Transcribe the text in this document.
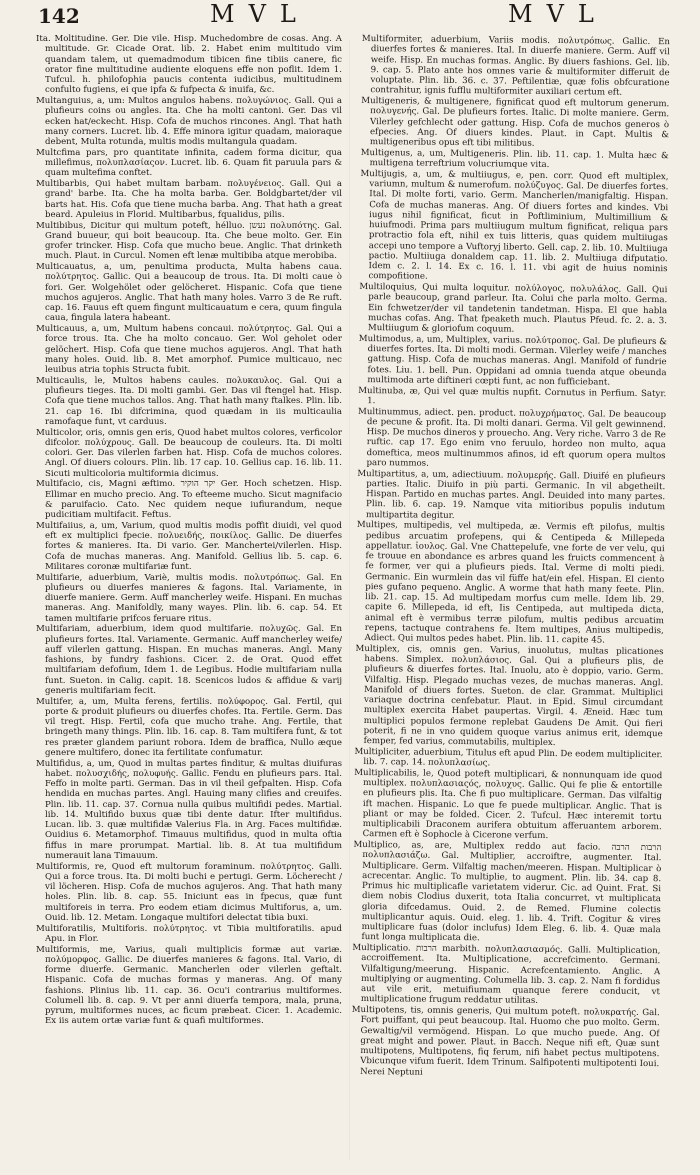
142	MVL	MVL

Ita. Moltitudine. Ger. Die vile. Hisp. Muchedombre de cosas. Ang. A multitude. Gr. Cicade Orat. lib. 2. Habet enim multitudo vim quandam talem, ut quemadmodum tibicen fine tibiis canere, fic orator fine multitudine audiente eloquens effe non poflit. Idem 1. Tufcul. h. philofophia paucis contenta iudicibus, multitudinem confulto fugiens, ei que ipfa & fufpecta & inuifa, &c.

Multanguius, a, um: Multos angulos habens. πολυγώνιος. Gall. Qui a plufieurs coins ou angles. Ita. Che ha molti cantoni. Ger. Das vil ecken hat/eckecht. Hisp. Cofa de muchos rincones. Angl. That hath many corners. Lucret. lib. 4. Effe minora igitur quadam, maioraque debent, Multa rotunda, multis modis multangula quadam.

Multcfima pars, pro quantitate infinita, cadem forma dicitur, qua millefimus, πολυπλασίαςον. Lucret. lib. 6. Quam fit paruula pars & quam multefima conftet.

Multibarbis, Qui habet multam barbam. πολυγένειος. Gall. Qui a grand' barbe. Ita. Che ha molta barba. Ger. Boldgbartet/der vil barts hat. His. Cofa que tiene mucha barba. Ang. That hath a great beard. Apuleius in Florid. Multibarbus, fqualidus, pilis.

Multibibus, Dicitur qui multum poteft, hélluo. נעשן πολυπότης. Gal. Grand buueur, qui boit beaucoup. Ita. Che beue molto. Ger. Ein grofer trincker. Hisp. Cofa que mucho beue. Anglic. That drinketh much. Plaut. in Curcul. Nomen eft lenæ multibiba atque merobiba.

Multicauatus, a, um, penultima producta, Multa habens caua. πολύτρητος. Gallic. Qui a beaucoup de trous. Ita. Di molti caue ò fori. Ger. Wolgehölet oder gelöcheret. Hispanic. Cofa que tiene muchos agujeros. Anglic. That hath many holes. Varro 3 de Re ruft. cap. 16. Fauus eft quem fingunt multicauatum e cera, quum fingula caua, fingula latera habeant.

Multicauus, a, um, Multum habens concaui. πολύτρητος. Gal. Qui a force trous. Ita. Che ha molto concauo. Ger. Wol geholet oder gelöchert. Hisp. Cofa que tiene muchos agujeros. Angl. That hath many holes. Ouid. lib. 8. Met amorphof. Pumice multicauo, nec leuibus atria tophis Structa fubit.

Multicaulis, le, Multos habens caules. πολυκαυλος. Gal. Qui a plufieurs tieges. Ita. Di molti gambi. Ger. Das vil ftengel hat. Hisp. Cofa que tiene muchos tallos. Ang. That hath many ftalkes. Plin. lib. 21. cap 16. Ibi difcrimina, quod quædam in iis multicaulia ramofaque funt, vt carduus.

Multicolor, oris, omnis gen eris, Quod habet multos colores, verficolor difcolor. πολύχρους. Gall. De beaucoup de couleurs. Ita. Di molti colori. Ger. Das vilerlen farben hat. Hisp. Cofa de muchos colores. Angl. Of diuers colours. Plin. lib. 17 cap. 10. Gellius cap. 16. lib. 11. Sicuti multicoloria multiformia dicimus.

Multifacio, cis, Magni æftimo. יקר הוקיר Ger. Hoch schetzen. Hisp. Ellimar en mucho precio. Ang. To efteeme mucho. Sicut magnifacio & paruifacio. Cato. Nec quidem neque iufiurandum, neque pudicitiam multifacit. Feftus.

Multifaiius, a, um, Varium, quod multis modis poffit diuidi, vel quod eft ex multiplici fpecie. πολυειδής, ποικίλος. Gallic. De diuerfes fortes & manieres. Ita. Di vario. Ger. Manchertei/vilerlen. Hisp. Cofa de muchas maneras. Ang. Manifold. Gellius lib. 5. cap. 6. Militares coronæ multifariæ funt.

Multifarie, aduerbium, Variè, multis modis. πολυτρόπως. Gal. En plufieurs ou diuerfes manieres & fagons. Ital. Variamente, in diuerfe maniere. Germ. Auff mancherley weife. Hispani. En muchas maneras. Ang. Manifoldly, many wayes. Plin. lib. 6. cap. 54. Et tamen multifarie prifcos feruare ritus.

Multifariam, aduerbium, idem quod multifarie. πολυχῶς. Gal. En plufieurs fortes. Ital. Variamente. Germanic. Auff mancherley weife/ auff vilerlen gattung. Hispan. En muchas maneras. Angl. Many fashions, by fundry fashions. Cicer. 2. de Orat. Quod effet multifariam defofium, Idem 1. de Legibus. Hodie multifariam nulla funt. Sueton. in Calig. capit. 18. Scenicos ludos & affidue & varij generis multifariam fecit.

Multifer, a, um, Multa ferens, fertilis. πολύφορος. Gal. Fertil, qui porte & produit plufieurs ou diuerfes chofes. Ita. Fertile. Germ. Das vil tregt. Hisp. Fertil, cofa que mucho trahe. Ang. Fertile, that bringeth many things. Plin. lib. 16. cap. 8. Tam multifera funt, & tot res præter glandem pariunt robora. Idem de braffica, Nullo æque genere multifero, donec ita fertilitate confumatur.

Multifidus, a, um, Quod in multas partes finditur, & multas diuifuras habet. πολυσχιδής, πολυφυής. Gallic. Fendu en plufieurs pars. Ital. Feffo in molte parti. German. Das in vil theil gefpalten. Hisp. Cofa hendida en muchas partes. Angl. Hauing many clifies and creuifes. Plin. lib. 11. cap. 37. Cornua nulla quibus multifidi pedes. Martial. lib. 14. Multifido buxus quæ tibi dente datur. Ifter multifidus. Lucan. lib. 3. quæ multifidæ Valerius Fla. in Arg. Faces multifidæ. Ouidius 6. Metamorphof. Timauus multifidus, quod in multa oftia fiffus in mare prorumpat. Martial. lib. 8. At tua multifidum numerauit lana Timauum.

Multiformis, re, Quod eft multorum foraminum. πολύτρητος. Galli. Qui a force trous. Ita. Di molti buchi e pertugi. Germ. Löcherecht / vil löcheren. Hisp. Cofa de muchos agujeros. Ang. That hath many holes. Plin. lib. 8. cap. 55. Iniciunt eas in fpecus, quæ funt multiforeis in terra. Pro eodem etiam dicimus Multiforus, a, um. Ouid. lib. 12. Metam. Longaque multifori delectat tibia buxi.

Multiforatilis, Multiforis. πολύτρητος. vt Tibia multiforatilis. apud Apu. in Flor.

Multiformis, me, Varius, quali multiplicis formæ aut variæ. πολύμορφος. Gallic. De diuerfes manieres & fagons. Ital. Vario, di forme diuerfe. Germanic. Mancherlen oder vilerlen geftalt. Hispanic. Cofa de muchas formas y maneras. Ang. Of many fashions. Plinius lib. 11. cap. 36. Ocu'i contrarius multiformes. Columell lib. 8. cap. 9. Vt per anni diuerfa tempora, mala, pruna, pyrum, multiformes nuces, ac ficum præbeat. Cicer. 1. Academic. Ex iis autem ortæ variæ funt & quafi multiformes.

Multiformiter, aduerbium, Variis modis. πολυτρόπως. Gallic. En diuerfes fortes & manieres. Ital. In diuerfe maniere. Germ. Auff vil weife. Hisp. En muchas formas. Anglic. By diuers fashions. Gel. lib. 9. cap. 5. Plato ante hos omnes varie & multiformiter differuit de voluptate. Plin. lib. 36. c. 37. Peftilentiæ, quæ folis obfcuratione contrahitur, ignis fufflu multiformiter auxiliari certum eft.

Multigeneris, & multigenere, fignificat quod eft multorum generum. πολυγενής. Gal. De plufieurs fortes. Italic. Di molte maniere. Germ. Vilerley gefchlecht oder gattung. Hisp. Cofa de muchos generos ò efpecies. Ang. Of diuers kindes. Plaut. in Capt. Multis & multigeneribus opus eft tibi militibus.

Multigenus, a, um, Multigeneris. Plin. lib. 11. cap. 1. Multa hæc & multigena terreftrium volucriumque vita.

Multijugis, a, um, & multiiugus, e, pen. corr. Quod eft multiplex, variumn, multum & numerofum. πολύζυγος. Gal. De diuerfes fortes. Ital. Di molte forti, vario. Germ. Mancherlen/manigfaltig. Hispan. Cofa de muchas maneras. Ang. Of diuers fortes and kindes. Vbi iugus nihil fignificat, ficut in Poftliminium, Multimillium & huiufmodi. Prima pars multiiugum multum fignificat, reliqua pars protractio fola eft, nihil ex tuis litteris, quas quidem multiiugas accepi uno tempore a Vuftoryj liberto. Gell. cap. 2. lib. 10. Multiiuga pactio. Multiiuga donaldem cap. 11. lib. 2. Multiiuga difputatio. Idem c. 2. l. 14. Ex c. 16. l. 11. vbi agit de huius nominis compofitione.

Multiloquius, Qui multa loquitur. πολύλογος, πολυλάλος. Gall. Qui parle beaucoup, grand parleur. Ita. Colui che parla molto. Germa. Ein fchwetzer/der vil tandetenin tandetman. Hispa. El que habla muchas cofas. Ang. That fpeaketh much. Plautus Pfeud. fc. 2. a. 3. Multiiugum & gloriofum coquum.

Multimodus, a, um, Multiplex, varius. πολύτροπος. Gal. De plufieurs & diuerfes fortes. Ita. Di molti modi. German. Vilerley weife / manches gattung. Hisp. Cofa de muchas maneras. Angl. Manifold of fundrie fotes. Liu. 1. bell. Pun. Oppidani ad omnia tuenda atque obeunda multimoda arte diftineri cœpti funt, ac non fufficiebant.

Multinuba, æ, Qui vel quæ multis nupfit. Cornutus in Perfium. Satyr. 1.

Multinummus, adiect. pen. product. πολυχρήματος. Gal. De beaucoup de pecune & profit. Ita. Di molti danari. Germa. Vil gelt gewinnend. Hisp. De muchos dineros y prouecho. Ang. Very riche. Varro 3 de Re ruftic. cap 17. Ego enim vno feruulo, hordeo non multo, aqua domeftica, meos multinummos afinos, id eft quorum opera multos paro nummos.

Multipartitus, a, um, adiectiuum. πολυμερής. Gall. Diuifé en plufieurs parties. Italic. Diuifo in più parti. Germanic. In vil abgetheilt. Hispan. Partido en muchas partes. Angl. Deuided into many partes. Plin. lib. 6. cap. 19. Namque vita mitioribus populis indutum multipartita degitur.

Multipes, multipedis, vel multipeda, æ. Vermis eft pilofus, multis pedibus arcuatim profepens, qui & Centipeda & Millepeda appellatur. ἰουλος. Gal. Vne Chattepelufe, vne forte de ver velu, qui fe trouue en abondance es arbres quand les fruicts commencent à fe former, ver qui a plufieurs pieds. Ital. Verme di molti piedi. Germanic. Ein wurmlein das vil füffe hat/ein efel. Hispan. El ciento pies gufano pequeno. Anglic. A worme that hath many feete. Plin. lib. 21. cap. 15. Ad multipedam morfus cum melle. Idem lib. 29. capite 6. Millepeda, id eft, Iis Centipeda, aut multipeda dicta, animal eft è vermibus terræ pilofum, multis pedibus arcuatim repens, tactuque contrahens fe. Item multipes, Anius multipedis, Adiect. Qui multos pedes habet. Plin. lib. 11. capite 45.

Multiplex, cis, omnis gen. Varius, inuolutus, multas plicationes habens. Simplex. πολυπλάσιος. Gal. Qui a plufieurs plis, de plufieurs & diuerfes fortes. Ital. Inuolu, ato è doppio, vario. Germ. Vilfaltig. Hisp. Plegado muchas vezes, de muchas maneras. Angl. Manifold of diuers fortes. Sueton. de clar. Grammat. Multiplici variaque doctrina cenfebatur. Plaut. in Epid. Simul circumdant multiplex exercita Habet paupertas. Virgil. 4. Æneid. Hæc tum multiplici populos fermone replebat Gaudens De Amit. Qui fieri poterit, fi ne in vno quidem quoque varius animus erit, idemque femper, fed varius, commutabilis, multiplex.

Multipliciter, aduerbium, Titulus eft apud Plin. De eodem multipliciter. lib. 7. cap. 14. πολυπλασίως.

Multiplicabilis, le, Quod poteft multiplicari, & nonnunquam ide quod multiplex. πολυπλασιαςός, πολυχυς. Gallic. Qui fe plie & entortille en plufieurs plis. Ita. Che fi puo multiplicare. German. Das vilfaltig ift machen. Hispanic. Lo que fe puede multiplicar. Anglic. That is pliant or may be folded. Cicer. 2. Tufcul. Hæc interemit tortu multiplicabili Draconem aurifera obtuitum afferuantem arborem. Carmen eft è Sophocle à Cicerone verfum.

Multiplico, as, are, Multiplex reddo aut facio. הרבות הרבה πολυπλασιάζω. Gal. Multiplier, accroiftre, augmenter. Ital. Multiplicare. Germ. Vilfaltig machen/meeren. Hispan. Multiplicar ò acrecentar. Anglic. To multiplie, to augment. Plin. lib. 34. cap 8. Primus hic multiplicafle varietatem viderur. Cic. ad Quint. Frat. Si diem nobis Clodius duxerit, tota Italia concurret, vt multiplicata gloria difcedamus. Ouid. 2. de Remed. Flumine colectis multiplicantur aquis. Ouid. eleg. 1. lib. 4. Trift. Cogitur & vires multiplicare fuas (dolor inclufus) Idem Eleg. 6. lib. 4. Quæ mala funt longa multiplicata die.

Multiplicatio. הרבות marbith. πολυπλασιασμός. Galli. Multiplication, accroiffement. Ita. Multiplicatione, accrefcimento. Germani. Vilfaltigung/meerung. Hispanic. Acrefcentamiento. Anglic. A multiplying or augmenting. Columella lib. 3. cap. 2. Nam fi fordidus aut vile erit, metuifiumam quanque ferere conducit, vt multiplicatione frugum reddatur utilitas.

Multipotens, tis, omnis generis, Qui multum poteft. πολυκρατής. Gal. Fort puiffant, qui peut beaucoup. Ital. Huomo che puo molto. Germ. Gewaltig/vil vermögend. Hispan. Lo que mucho puede. Ang. Of great might and power. Plaut. in Bacch. Neque nifi eft, Quæ sunt multipotens, Multipotens, fiq ferum, nifi habet pectus multipotens. Vbicunque vifum fuerit. Idem Trinum. Salfipotenti multipotenti Ioui. Nerei Neptuni
